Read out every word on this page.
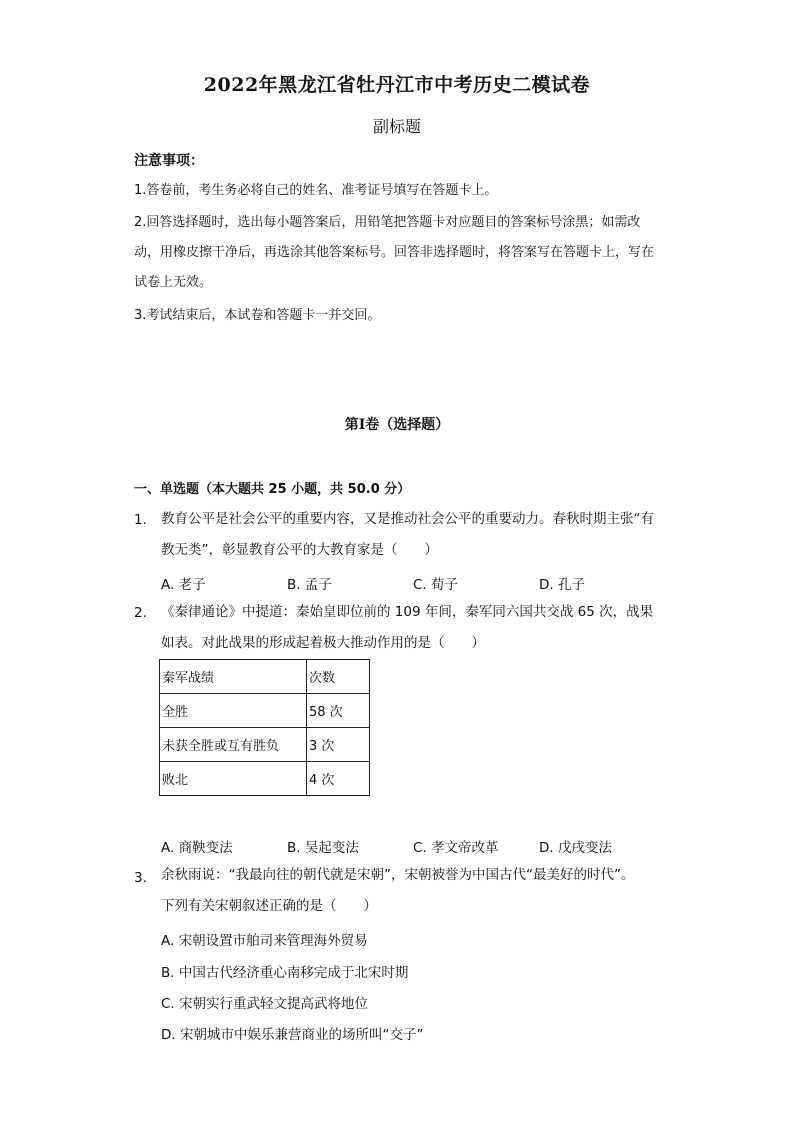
2022年黑龙江省牡丹江市中考历史二模试卷
副标题
注意事项：
1.答卷前，考生务必将自己的姓名、准考证号填写在答题卡上。
2.回答选择题时，选出每小题答案后，用铅笔把答题卡对应题目的答案标号涂黑；如需改动，用橡皮擦干净后，再选涂其他答案标号。回答非选择题时，将答案写在答题卡上，写在试卷上无效。
3.考试结束后，本试卷和答题卡一并交回。
第Ⅰ卷（选择题）
一、单选题（本大题共 25 小题，共 50.0 分）
1. 教育公平是社会公平的重要内容，又是推动社会公平的重要动力。春秋时期主张“有
教无类”，彰显教育公平的大教育家是（　　）
A. 老子	B. 孟子	C. 荀子	D. 孔子
2. 《秦律通论》中提道：秦始皇即位前的 109 年间，秦军同六国共交战 65 次，战果
如表。对此战果的形成起着极大推动作用的是（　　）
秦军战绩	次数
全胜	58 次
未获全胜或互有胜负	3 次
败北	4 次
A. 商鞅变法	B. 吴起变法	C. 孝文帝改革	D. 戊戌变法
3. 余秋雨说：“我最向往的朝代就是宋朝”，宋朝被誉为中国古代“最美好的时代”。
下列有关宋朝叙述正确的是（　　）
A. 宋朝设置市舶司来管理海外贸易
B. 中国古代经济重心南移完成于北宋时期
C. 宋朝实行重武轻文提高武将地位
D. 宋朝城市中娱乐兼营商业的场所叫“交子”
